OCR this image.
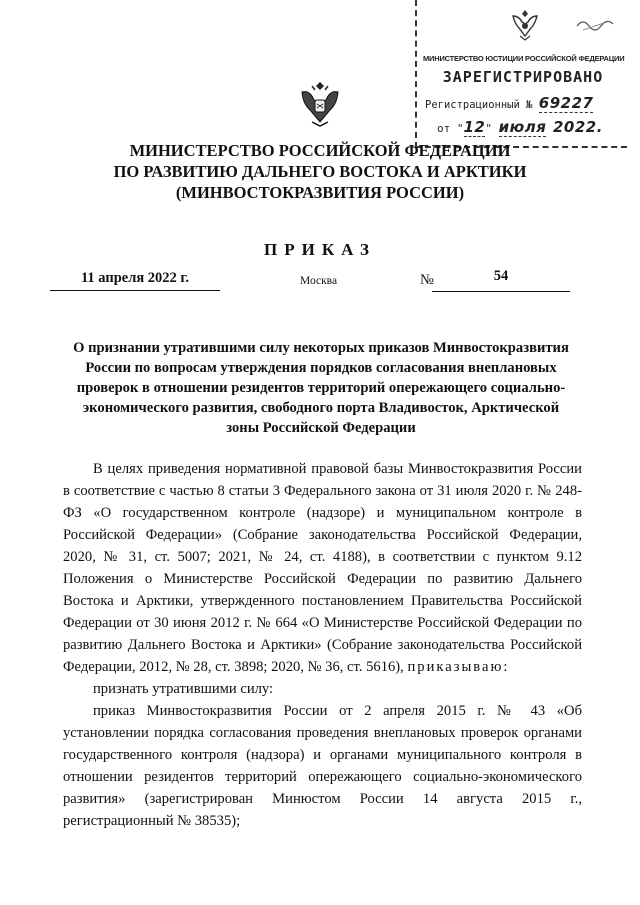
МИНИСТЕРСТВО ЮСТИЦИИ РОССИЙСКОЙ ФЕДЕРАЦИИ
ЗАРЕГИСТРИРОВАНО
Регистрационный № 69227
от "12" июля 2022.
МИНИСТЕРСТВО РОССИЙСКОЙ ФЕДЕРАЦИИ
ПО РАЗВИТИЮ ДАЛЬНЕГО ВОСТОКА И АРКТИКИ
(МИНВОСТОКРАЗВИТИЯ РОССИИ)
ПРИКАЗ
11 апреля 2022 г.	Москва	№	54
О признании утратившими силу некоторых приказов Минвостокразвития России по вопросам утверждения порядков согласования внеплановых проверок в отношении резидентов территорий опережающего социально-экономического развития, свободного порта Владивосток, Арктической зоны Российской Федерации

В целях приведения нормативной правовой базы Минвостокразвития России в соответствие с частью 8 статьи 3 Федерального закона от 31 июля 2020 г. № 248-ФЗ «О государственном контроле (надзоре) и муниципальном контроле в Российской Федерации» (Собрание законодательства Российской Федерации, 2020, № 31, ст. 5007; 2021, № 24, ст. 4188), в соответствии с пунктом 9.12 Положения о Министерстве Российской Федерации по развитию Дальнего Востока и Арктики, утвержденного постановлением Правительства Российской Федерации от 30 июня 2012 г. № 664 «О Министерстве Российской Федерации по развитию Дальнего Востока и Арктики» (Собрание законодательства Российской Федерации, 2012, № 28, ст. 3898; 2020, № 36, ст. 5616), приказываю:

признать утратившими силу:

приказ Минвостокразвития России от 2 апреля 2015 г. № 43 «Об установлении порядка согласования проведения внеплановых проверок органами государственного контроля (надзора) и органами муниципального контроля в отношении резидентов территорий опережающего социально-экономического развития» (зарегистрирован Минюстом России 14 августа 2015 г., регистрационный № 38535);
